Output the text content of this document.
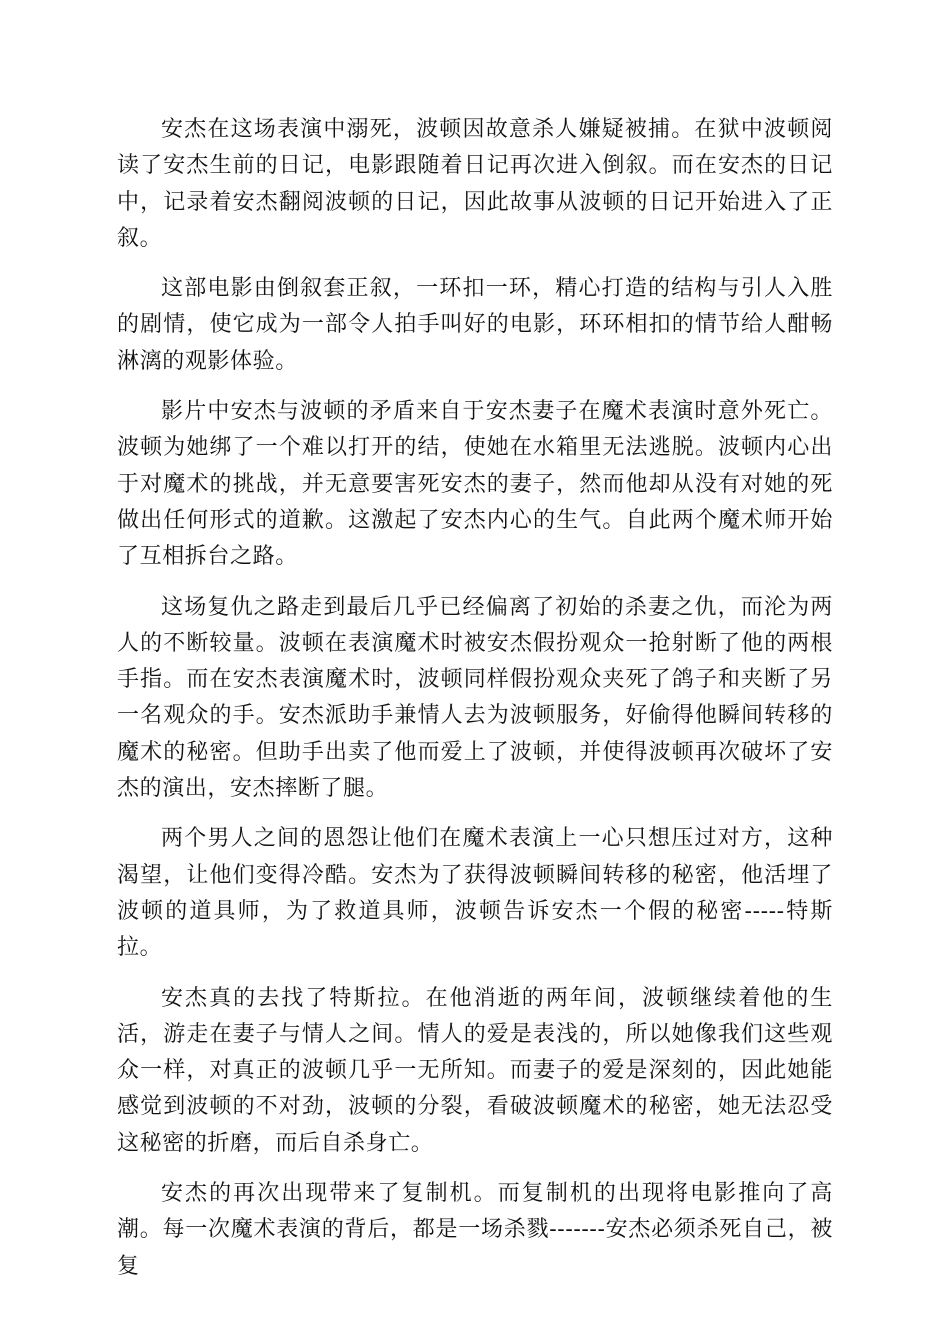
安杰在这场表演中溺死，波顿因故意杀人嫌疑被捕。在狱中波顿阅读了安杰生前的日记，电影跟随着日记再次进入倒叙。而在安杰的日记中，记录着安杰翻阅波顿的日记，因此故事从波顿的日记开始进入了正叙。

这部电影由倒叙套正叙，一环扣一环，精心打造的结构与引人入胜的剧情，使它成为一部令人拍手叫好的电影，环环相扣的情节给人酣畅淋漓的观影体验。

影片中安杰与波顿的矛盾来自于安杰妻子在魔术表演时意外死亡。波顿为她绑了一个难以打开的结，使她在水箱里无法逃脱。波顿内心出于对魔术的挑战，并无意要害死安杰的妻子，然而他却从没有对她的死做出任何形式的道歉。这激起了安杰内心的生气。自此两个魔术师开始了互相拆台之路。

这场复仇之路走到最后几乎已经偏离了初始的杀妻之仇，而沦为两人的不断较量。波顿在表演魔术时被安杰假扮观众一抢射断了他的两根手指。而在安杰表演魔术时，波顿同样假扮观众夹死了鸽子和夹断了另一名观众的手。安杰派助手兼情人去为波顿服务，好偷得他瞬间转移的魔术的秘密。但助手出卖了他而爱上了波顿，并使得波顿再次破坏了安杰的演出，安杰摔断了腿。

两个男人之间的恩怨让他们在魔术表演上一心只想压过对方，这种渴望，让他们变得冷酷。安杰为了获得波顿瞬间转移的秘密，他活埋了波顿的道具师，为了救道具师，波顿告诉安杰一个假的秘密-----特斯拉。

安杰真的去找了特斯拉。在他消逝的两年间，波顿继续着他的生活，游走在妻子与情人之间。情人的爱是表浅的，所以她像我们这些观众一样，对真正的波顿几乎一无所知。而妻子的爱是深刻的，因此她能感觉到波顿的不对劲，波顿的分裂，看破波顿魔术的秘密，她无法忍受这秘密的折磨，而后自杀身亡。

安杰的再次出现带来了复制机。而复制机的出现将电影推向了高潮。每一次魔术表演的背后，都是一场杀戮-------安杰必须杀死自己，被复
